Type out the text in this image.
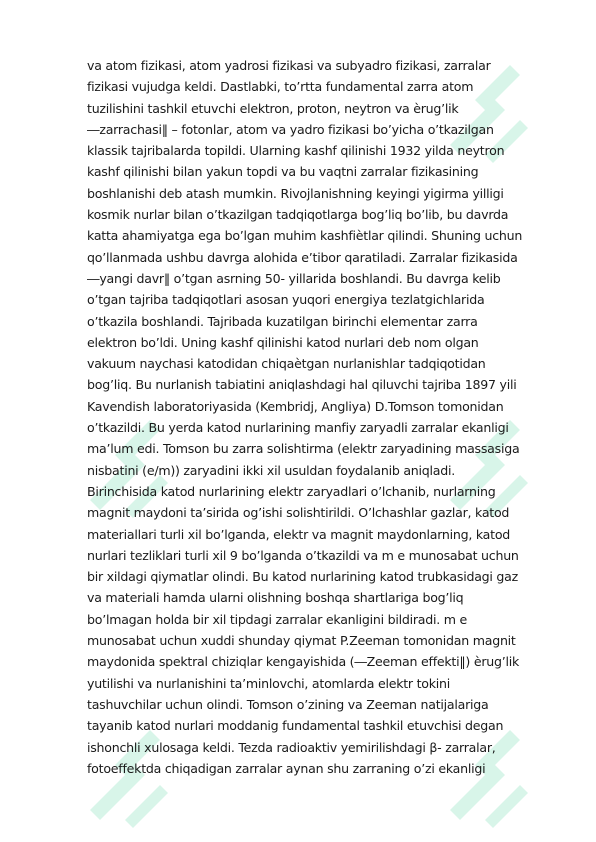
va atom fizikasi, atom yadrosi fizikasi va subyadro fizikasi, zarralar
fizikasi vujudga keldi. Dastlabki, to’rtta fundamental zarra atom
tuzilishini tashkil etuvchi elektron, proton, neytron va èrug’lik
―zarrachasi‖ – fotonlar, atom va yadro fizikasi bo’yicha o’tkazilgan
klassik tajribalarda topildi. Ularning kashf qilinishi 1932 yilda neytron
kashf qilinishi bilan yakun topdi va bu vaqtni zarralar fizikasining
boshlanishi deb atash mumkin. Rivojlanishning keyingi yigirma yilligi
kosmik nurlar bilan o’tkazilgan tadqiqotlarga bog’liq bo’lib, bu davrda
katta ahamiyatga ega bo’lgan muhim kashfiètlar qilindi. Shuning uchun
qo’llanmada ushbu davrga alohida e’tibor qaratiladi. Zarralar fizikasida
―yangi davr‖ o’tgan asrning 50- yillarida boshlandi. Bu davrga kelib
o’tgan tajriba tadqiqotlari asosan yuqori energiya tezlatgichlarida
o’tkazila boshlandi. Tajribada kuzatilgan birinchi elementar zarra
elektron bo’ldi. Uning kashf qilinishi katod nurlari deb nom olgan
vakuum naychasi katodidan chiqaètgan nurlanishlar tadqiqotidan
bog’liq. Bu nurlanish tabiatini aniqlashdagi hal qiluvchi tajriba 1897 yili
Kavendish laboratoriyasida (Kembridj, Angliya) D.Tomson tomonidan
o’tkazildi. Bu yerda katod nurlarining manfiy zaryadli zarralar ekanligi
ma’lum edi. Tomson bu zarra solishtirma (elektr zaryadining massasiga
nisbatini (e/m)) zaryadini ikki xil usuldan foydalanib aniqladi.
Birinchisida katod nurlarining elektr zaryadlari o’lchanib, nurlarning
magnit maydoni ta’sirida og’ishi solishtirildi. O’lchashlar gazlar, katod
materiallari turli xil bo’lganda, elektr va magnit maydonlarning, katod
nurlari tezliklari turli xil 9 bo’lganda o’tkazildi va m e munosabat uchun
bir xildagi qiymatlar olindi. Bu katod nurlarining katod trubkasidagi gaz
va materiali hamda ularni olishning boshqa shartlariga bog’liq
bo’lmagan holda bir xil tipdagi zarralar ekanligini bildiradi. m e
munosabat uchun xuddi shunday qiymat P.Zeeman tomonidan magnit
maydonida spektral chiziqlar kengayishida (―Zeeman effekti‖) èrug’lik
yutilishi va nurlanishini ta’minlovchi, atomlarda elektr tokini
tashuvchilar uchun olindi. Tomson o’zining va Zeeman natijalariga
tayanib katod nurlari moddanig fundamental tashkil etuvchisi degan
ishonchli xulosaga keldi. Tezda radioaktiv yemirilishdagi β- zarralar,
fotoeffektda chiqadigan zarralar aynan shu zarraning o’zi ekanligi
